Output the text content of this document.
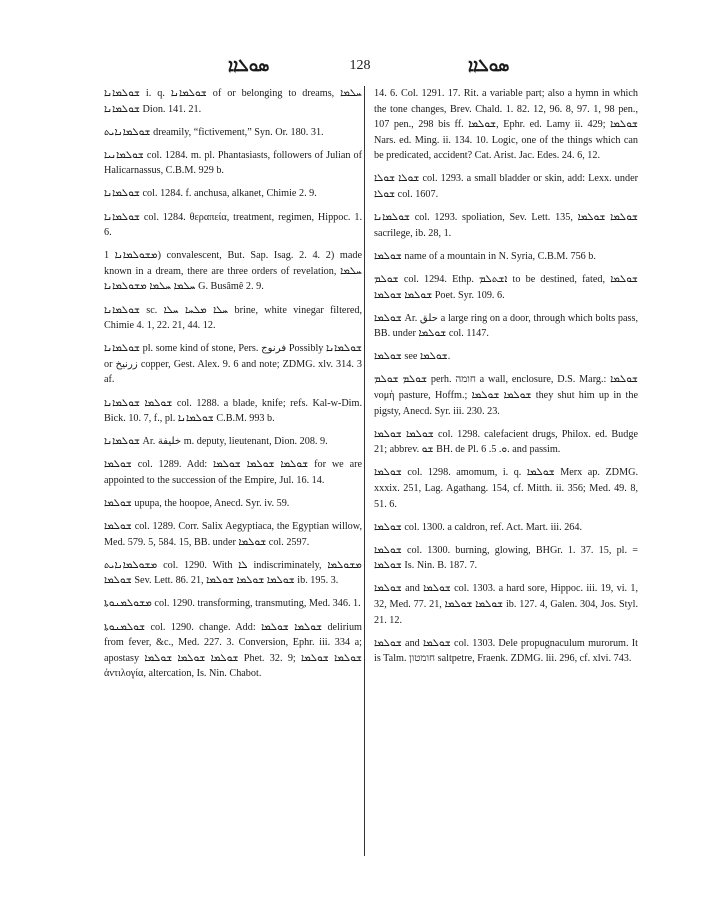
ܣܘܠܐܐ	128	ܣܘܠܐܐ
ܫܘܠܡܐܢܐ i. q. ܫܘܠܡܐܢܐ of or belonging to dreams, ܚܠܡܐ ܫܘܠܡܐܢܐ Dion. 141. 21.
ܫܘܠܡܐܢܐܝܬ dreamily, “fictivement,” Syn. Or. 180. 31.
ܫܘܠܡܐܢܝܐ col. 1284. m. pl. Phantasiasts, followers of Julian of Halicarnassus, C.B.M. 929 b.
ܫܘܠܡܐܢܐ col. 1284. f. anchusa, alkanet, Chimie 2. 9.
ܫܘܠܡܐܢܐ col. 1284. θεραπεία, treatment, regimen, Hippoc. 1. 6.
ܡܫܘܠܡܐܢܐ 1) convalescent, But. Sap. Isag. 2. 4. 2) made known in a dream, there are three orders of revelation, ܚܠܡܐ ܚܠܡܐ ܚܠܡܐ ܡܫܘܠܡܐܢܐ G. Busâmê 2. 9.
ܫܘܠܡܐܢܐ sc. ܚܠܐ ܡܠܚܐ ܚܠܐ brine, white vinegar filtered, Chimie 4. 1, 22. 21, 44. 12.
ܫܘܠܡܐܢܐ pl. some kind of stone, Pers. فرنوج Possibly ܫܘܠܡܐܢܐ or زرنيخ copper, Gest. Alex. 9. 6 and note; ZDMG. xlv. 314. 3 af.
ܫܘܠܡܐ ܫܘܠܡܐܢܐ col. 1288. a blade, knife; refs. Kal-w-Dim. Bick. 10. 7, f., pl. ܫܘܠܡܐܢܐ C.B.M. 993 b.
ܫܘܠܡܐܢܐ Ar. خليفة m. deputy, lieutenant, Dion. 208. 9.
ܫܘܠܡܐ col. 1289. Add: ܫܘܠܡܐ ܫܘܠܡܐ ܫܘܠܡܐ for we are appointed to the succession of the Empire, Jul. 16. 14.
ܫܘܠܡܐ upupa, the hoopoe, Anecd. Syr. iv. 59.
ܫܘܠܡܐ col. 1289. Corr. Salix Aegyptiaca, the Egyptian willow, Med. 579. 5, 584. 15, BB. under ܫܘܠܡܐ col. 2597.
ܡܫܘܠܡܐܢܐܝܬ col. 1290. With ܠܐ indiscriminately, ܡܫܘܠܡܐ ܫܘܠܡܐ Sev. Lett. 86. 21, ܫܘܠܡܐ ܫܘܠܡܐ ܫܘܠܡܐ ib. 195. 3.
ܡܫܘܠܡܢܘܬܐ col. 1290. transforming, transmuting, Med. 346. 1.
ܫܘܠܡܢܘܬܐ col. 1290. change. Add: ܫܘܠܡܐ ܫܘܠܡܐ delirium from fever, &c., Med. 227. 3. Conversion, Ephr. iii. 334 a; apostasy ܫܘܠܡܐ ܫܘܠܡܐ ܫܘܠܡܐ Phet. 32. 9; ܫܘܠܡܐ ܫܘܠܡܐ ἀντιλογία, altercation, Is. Nin. Chabot.
14. 6. Col. 1291. 17. Rit. a variable part; also a hymn in which the tone changes, Brev. Chald. 1. 82. 12, 96. 8, 97. 1, 98 pen., 107 pen., 298 bis ff. ܫܘܠܡܐ, Ephr. ed. Lamy ii. 429; ܫܘܠܡܐ Nars. ed. Ming. ii. 134. 10. Logic, one of the things which can be predicated, accident? Cat. Arist. Jac. Edes. 24. 6, 12.
ܫܘܠܐ ܫܘܠܐ col. 1293. a small bladder or skin, add: Lexx. under ܫܘܠܐ col. 1607.
ܫܘܠܡܐܢܐ col. 1293. spoliation, Sev. Lett. 135, ܫܘܠܡܐ ܫܘܠܡܐ sacrilege, ib. 28, 1.
ܫܘܠܡܐ name of a mountain in N. Syria, C.B.M. 756 b.
ܫܘܠܡ col. 1294. Ethp. ܐܫܬܠܡ to be destined, fated, ܫܘܠܡܐ ܫܘܠܡܐ ܫܘܠܡܐ Poet. Syr. 109. 6.
ܫܘܠܡܐ Ar. حلق a large ring on a door, through which bolts pass, BB. under ܫܘܠܡܐ col. 1147.
ܫܘܠܡܐ see ܫܘܠܡܐ.
ܫܘܠܡ ܫܘܠܡ perh. חומה a wall, enclosure, D.S. Marg.: ܫܘܠܡܐ νομὴ pasture, Hoffm.; ܫܘܠܡܐ ܫܘܠܡܐ they shut him up in the pigsty, Anecd. Syr. iii. 230. 23.
ܫܘܠܡܐ ܫܘܠܡܐ col. 1298. calefacient drugs, Philox. ed. Budge 21; abbrev. ܫܘ BH. de Pl. ܘ. 5. 6. and passim.
ܫܘܠܡܐ col. 1298. amomum, i. q. ܫܘܠܡܐ Merx ap. ZDMG. xxxix. 251, Lag. Agathang. 154, cf. Mitth. ii. 356; Med. 49. 8, 51. 6.
ܫܘܠܡܐ col. 1300. a caldron, ref. Act. Mart. iii. 264.
ܫܘܠܡܐ col. 1300. burning, glowing, BHGr. 1. 37. 15, pl. = ܫܘܠܡܐ Is. Nin. B. 187. 7.
ܫܘܠܡܐ and ܫܘܠܡܐ col. 1303. a hard sore, Hippoc. iii. 19, vi. 1, 32, Med. 77. 21, ܫܘܠܡܐ ܫܘܠܡܐ ib. 127. 4, Galen. 304, Jos. Styl. 21. 12.
ܫܘܠܡܐ and ܫܘܠܡܐ col. 1303. Dele propugnaculum murorum. It is Talm. חומטון saltpetre, Fraenk. ZDMG. lii. 296, cf. xlvi. 743.
